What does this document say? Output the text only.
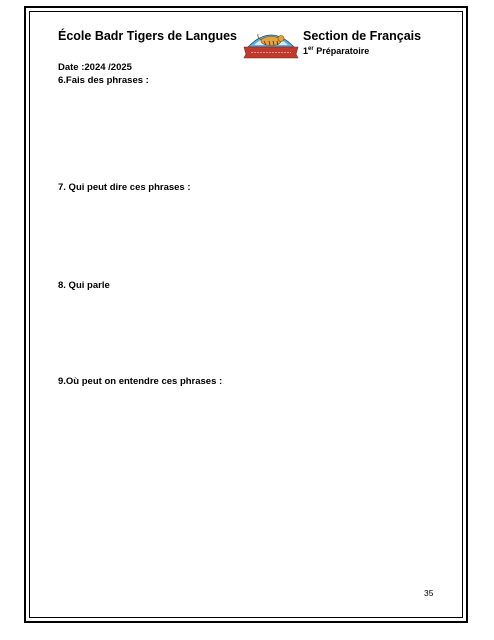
École Badr Tigers de Langues	Section de Français
1er Préparatoire
Date :2024 /2025
6.Fais des phrases :
7. Qui peut dire ces phrases :
8. Qui parle
9.Où peut on entendre ces phrases :
35
